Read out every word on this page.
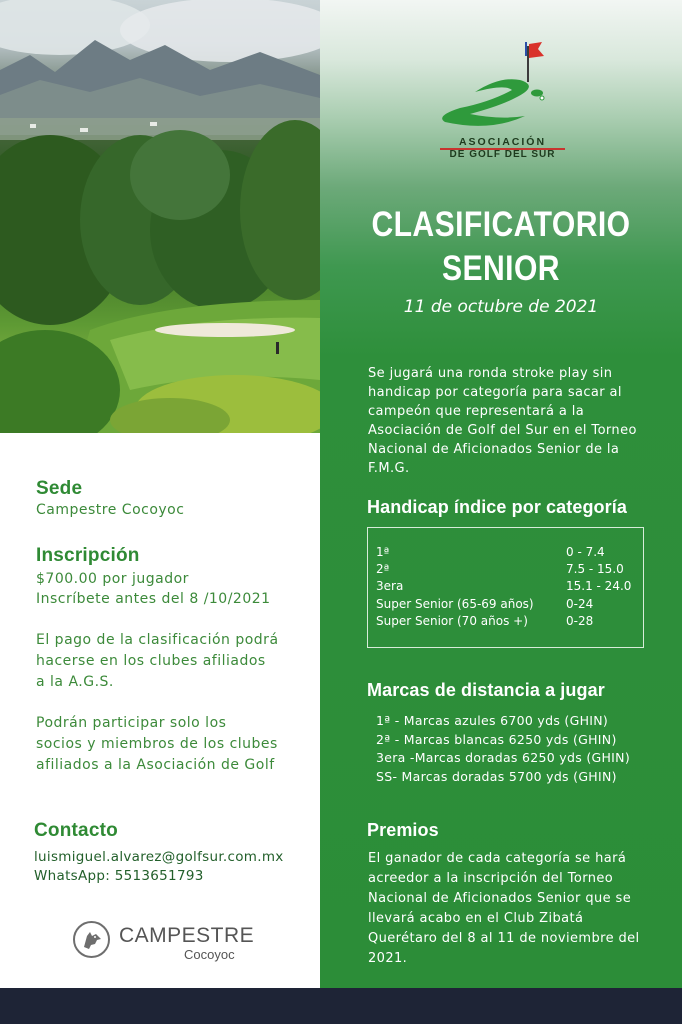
Sede
Campestre Cocoyoc
Inscripción
$700.00 por jugador
Inscríbete antes del 8 /10/2021
El pago de la clasificación podrá
hacerse en los clubes afiliados
a la A.G.S.
Podrán participar solo los
socios y miembros de los clubes
afiliados a la Asociación de Golf
Contacto
luismiguel.alvarez@golfsur.com.mx
WhatsApp: 5513651793
CAMPESTRE
Cocoyoc
ASOCIACIÓN
DE GOLF DEL SUR
CLASIFICATORIO
SENIOR
11 de octubre de 2021
Se jugará una ronda stroke play sin
handicap por categoría para sacar al
campeón que representará a la
Asociación de Golf del Sur en el Torneo
Nacional de Aficionados Senior de la
F.M.G.
Handicap índice por categoría
1ª	0 - 7.4
2ª	7.5 - 15.0
3era	15.1 - 24.0
Super Senior (65-69 años)	0-24
Super Senior (70 años +)	0-28
Marcas de distancia a jugar
1ª - Marcas azules 6700 yds (GHIN)
2ª - Marcas blancas 6250 yds (GHIN)
3era -Marcas doradas 6250 yds (GHIN)
SS- Marcas doradas 5700 yds (GHIN)
Premios
El ganador de cada categoría se hará
acreedor a la inscripción del Torneo
Nacional de Aficionados Senior que se
llevará acabo en el Club Zibatá
Querétaro del 8 al 11 de noviembre del
2021.
